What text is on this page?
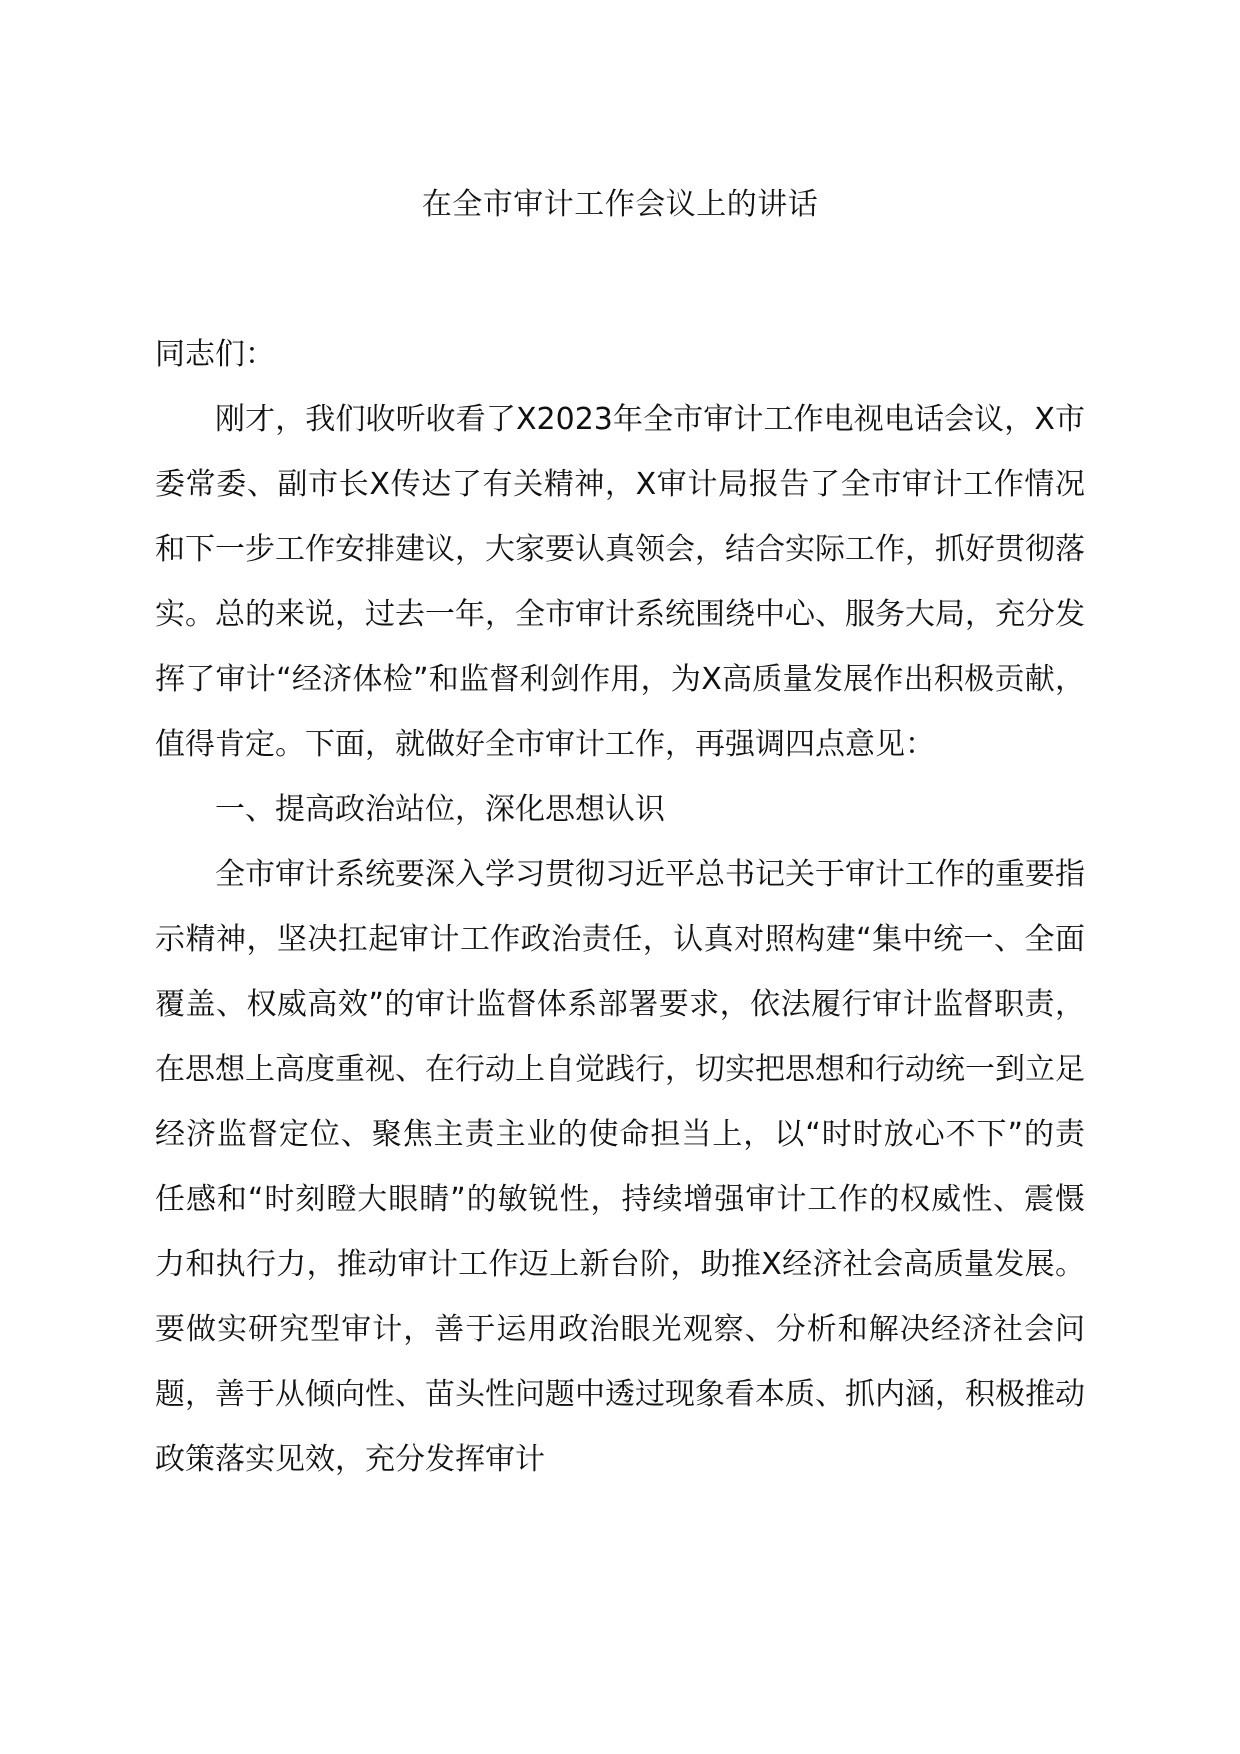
在全市审计工作会议上的讲话

同志们：

刚才，我们收听收看了X2023年全市审计工作电视电话会议，X市委常委、副市长X传达了有关精神，X审计局报告了全市审计工作情况和下一步工作安排建议，大家要认真领会，结合实际工作，抓好贯彻落实。总的来说，过去一年，全市审计系统围绕中心、服务大局，充分发挥了审计“经济体检”和监督利剑作用，为X高质量发展作出积极贡献，值得肯定。下面，就做好全市审计工作，再强调四点意见：

一、提高政治站位，深化思想认识

全市审计系统要深入学习贯彻习近平总书记关于审计工作的重要指示精神，坚决扛起审计工作政治责任，认真对照构建“集中统一、全面覆盖、权威高效”的审计监督体系部署要求，依法履行审计监督职责，在思想上高度重视、在行动上自觉践行，切实把思想和行动统一到立足经济监督定位、聚焦主责主业的使命担当上，以“时时放心不下”的责任感和“时刻瞪大眼睛”的敏锐性，持续增强审计工作的权威性、震慑力和执行力，推动审计工作迈上新台阶，助推X经济社会高质量发展。要做实研究型审计，善于运用政治眼光观察、分析和解决经济社会问题，善于从倾向性、苗头性问题中透过现象看本质、抓内涵，积极推动政策落实见效，充分发挥审计
